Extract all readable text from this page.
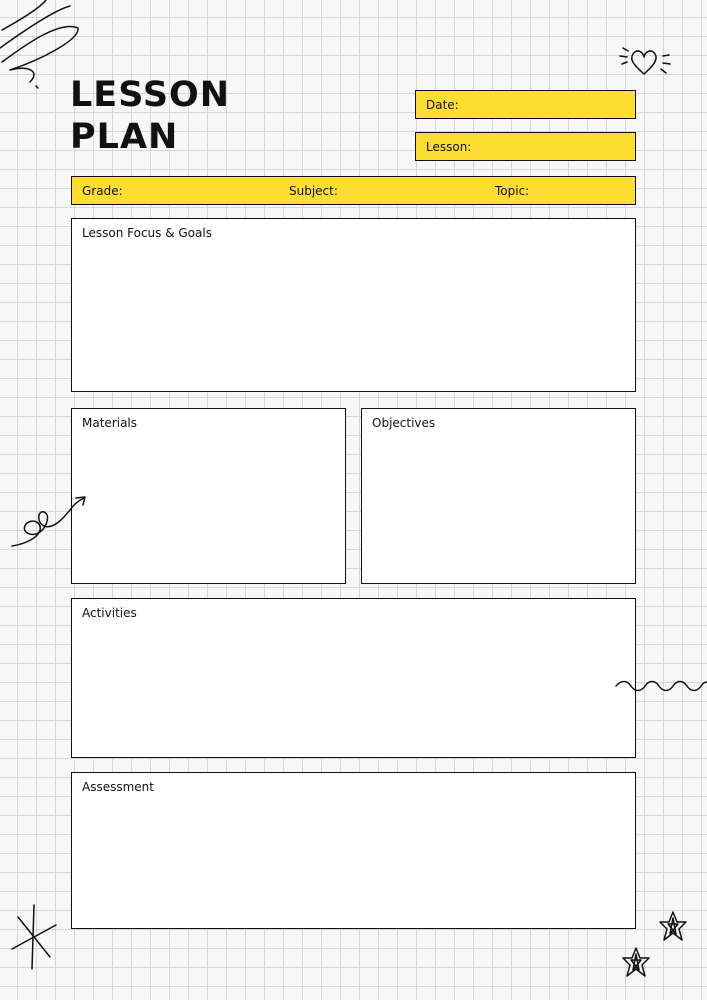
LESSON
PLAN
Date:
Lesson:
Grade:	Subject:	Topic:
Lesson Focus & Goals
Materials	Objectives
Activities
Assessment
